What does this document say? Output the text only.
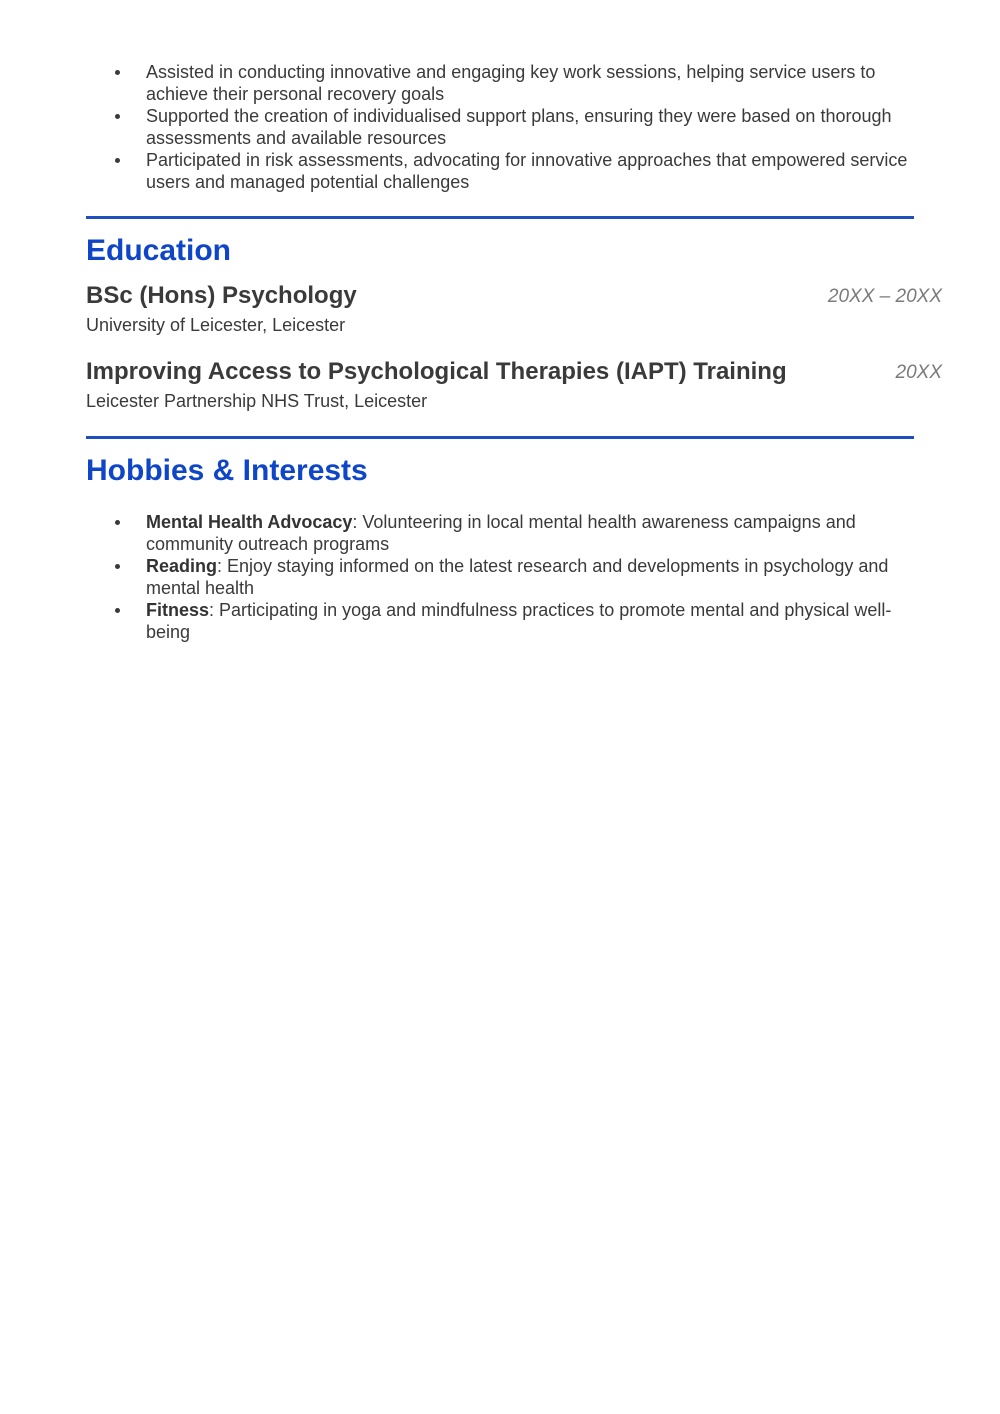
Assisted in conducting innovative and engaging key work sessions, helping service users to achieve their personal recovery goals
Supported the creation of individualised support plans, ensuring they were based on thorough assessments and available resources
Participated in risk assessments, advocating for innovative approaches that empowered service users and managed potential challenges
Education
BSc (Hons) Psychology	20XX – 20XX
University of Leicester, Leicester
Improving Access to Psychological Therapies (IAPT) Training	20XX
Leicester Partnership NHS Trust, Leicester
Hobbies & Interests
Mental Health Advocacy: Volunteering in local mental health awareness campaigns and community outreach programs
Reading: Enjoy staying informed on the latest research and developments in psychology and mental health
Fitness: Participating in yoga and mindfulness practices to promote mental and physical well-being
